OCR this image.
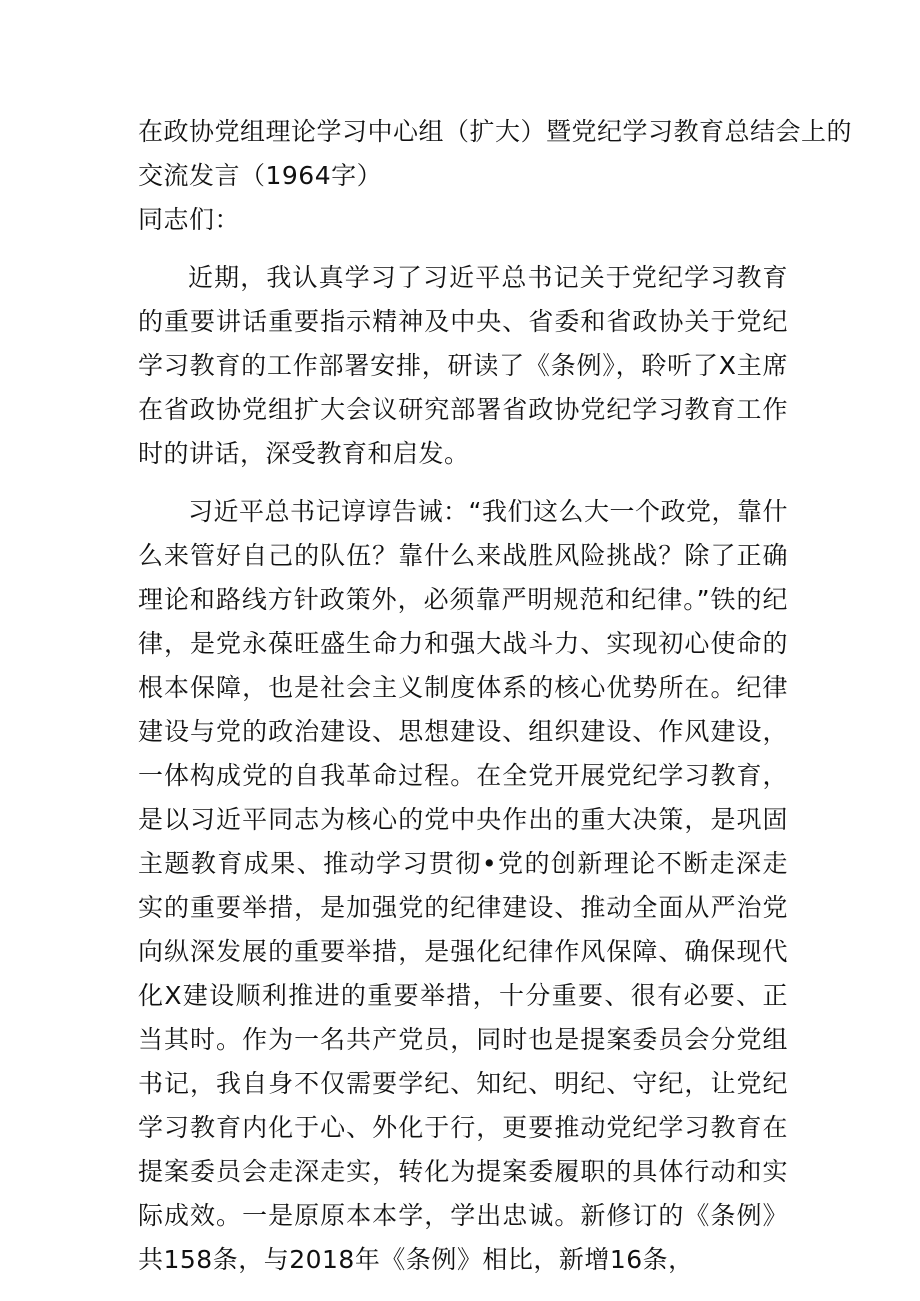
在政协党组理论学习中心组（扩大）暨党纪学习教育总结会上的
交流发言（1964字）

同志们：

近期，我认真学习了习近平总书记关于党纪学习教育的重要讲话重要指示精神及中央、省委和省政协关于党纪学习教育的工作部署安排，研读了《条例》，聆听了X主席在省政协党组扩大会议研究部署省政协党纪学习教育工作时的讲话，深受教育和启发。

习近平总书记谆谆告诫：“我们这么大一个政党，靠什么来管好自己的队伍？靠什么来战胜风险挑战？除了正确理论和路线方针政策外，必须靠严明规范和纪律。”铁的纪律，是党永葆旺盛生命力和强大战斗力、实现初心使命的根本保障，也是社会主义制度体系的核心优势所在。纪律建设与党的政治建设、思想建设、组织建设、作风建设，一体构成党的自我革命过程。在全党开展党纪学习教育，是以习近平同志为核心的党中央作出的重大决策，是巩固主题教育成果、推动学习贯彻•党的创新理论不断走深走实的重要举措，是加强党的纪律建设、推动全面从严治党向纵深发展的重要举措，是强化纪律作风保障、确保现代化X建设顺利推进的重要举措，十分重要、很有必要、正当其时。作为一名共产党员，同时也是提案委员会分党组书记，我自身不仅需要学纪、知纪、明纪、守纪，让党纪学习教育内化于心、外化于行，更要推动党纪学习教育在提案委员会走深走实，转化为提案委履职的具体行动和实际成效。一是原原本本学，学出忠诚。新修订的《条例》共158条，与2018年《条例》相比，新增16条，
